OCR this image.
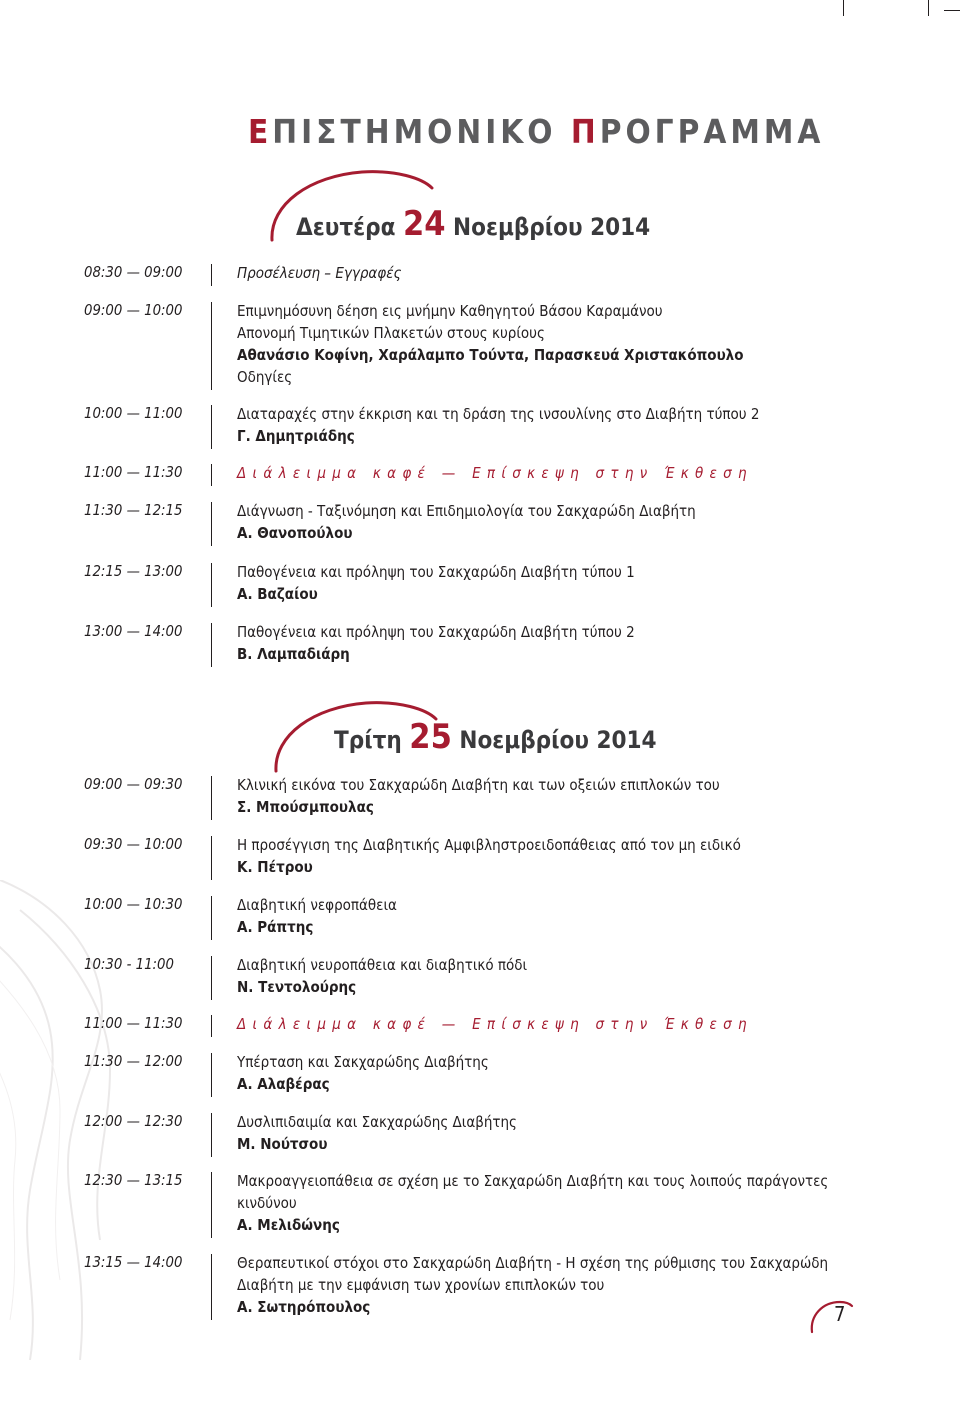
ΕΠΙΣΤΗΜΟΝΙΚΟ ΠΡΟΓΡΑΜΜΑ
Δευτέρα 24 Νοεμβρίου 2014
08:30 — 09:00	Προσέλευση – Εγγραφές
09:00 — 10:00	Επιμνημόσυνη δέηση εις μνήμην Καθηγητού Βάσου Καραμάνου
Απονομή Τιμητικών Πλακετών στους κυρίους
Αθανάσιο Κοφίνη, Χαράλαμπο Τούντα, Παρασκευά Χριστακόπουλο
Οδηγίες
10:00 — 11:00	Διαταραχές στην έκκριση και τη δράση της ινσουλίνης στο Διαβήτη τύπου 2
Γ. Δημητριάδης
11:00 — 11:30	Διάλειμμα καφέ — Επίσκεψη στην Έκθεση
11:30 — 12:15	Διάγνωση - Ταξινόμηση και Επιδημιολογία του Σακχαρώδη Διαβήτη
Α. Θανοπούλου
12:15 — 13:00	Παθογένεια και πρόληψη του Σακχαρώδη Διαβήτη τύπου 1
Α. Βαζαίου
13:00 — 14:00	Παθογένεια και πρόληψη του Σακχαρώδη Διαβήτη τύπου 2
Β. Λαμπαδιάρη
Τρίτη 25 Νοεμβρίου 2014
09:00 — 09:30	Κλινική εικόνα του Σακχαρώδη Διαβήτη και των οξειών επιπλοκών του
Σ. Μπούσμπουλας
09:30 — 10:00	Η προσέγγιση της Διαβητικής Αμφιβληστροειδοπάθειας από τον μη ειδικό
Κ. Πέτρου
10:00 — 10:30	Διαβητική νεφροπάθεια
Α. Ράπτης
10:30 - 11:00	Διαβητική νευροπάθεια και διαβητικό πόδι
Ν. Τεντολούρης
11:00 — 11:30	Διάλειμμα καφέ — Επίσκεψη στην Έκθεση
11:30 — 12:00	Υπέρταση και Σακχαρώδης Διαβήτης
Α. Αλαβέρας
12:00 — 12:30	Δυσλιπιδαιμία και Σακχαρώδης Διαβήτης
Μ. Νούτσου
12:30 — 13:15	Μακροαγγειοπάθεια σε σχέση με το Σακχαρώδη Διαβήτη και τους λοιπούς παράγοντες
κινδύνου
Α. Μελιδώνης
13:15 — 14:00	Θεραπευτικοί στόχοι στο Σακχαρώδη Διαβήτη - Η σχέση της ρύθμισης του Σακχαρώδη
Διαβήτη με την εμφάνιση των χρονίων επιπλοκών του
Α. Σωτηρόπουλος	7
